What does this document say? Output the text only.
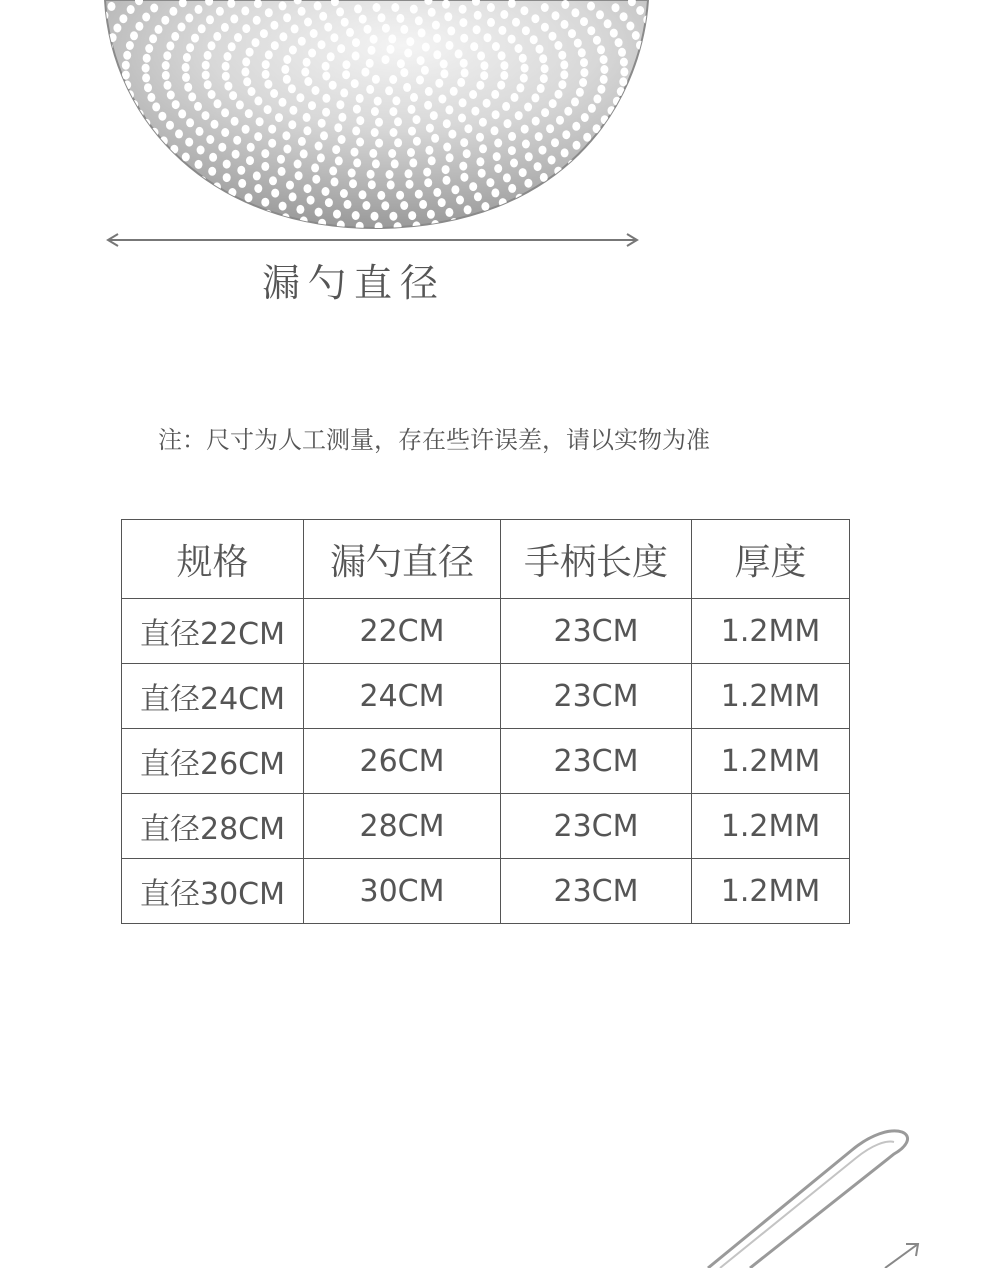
漏勺直径
注：尺寸为人工测量，存在些许误差，请以实物为准
规格	漏勺直径	手柄长度	厚度
直径22CM	22CM	23CM	1.2MM
直径24CM	24CM	23CM	1.2MM
直径26CM	26CM	23CM	1.2MM
直径28CM	28CM	23CM	1.2MM
直径30CM	30CM	23CM	1.2MM
